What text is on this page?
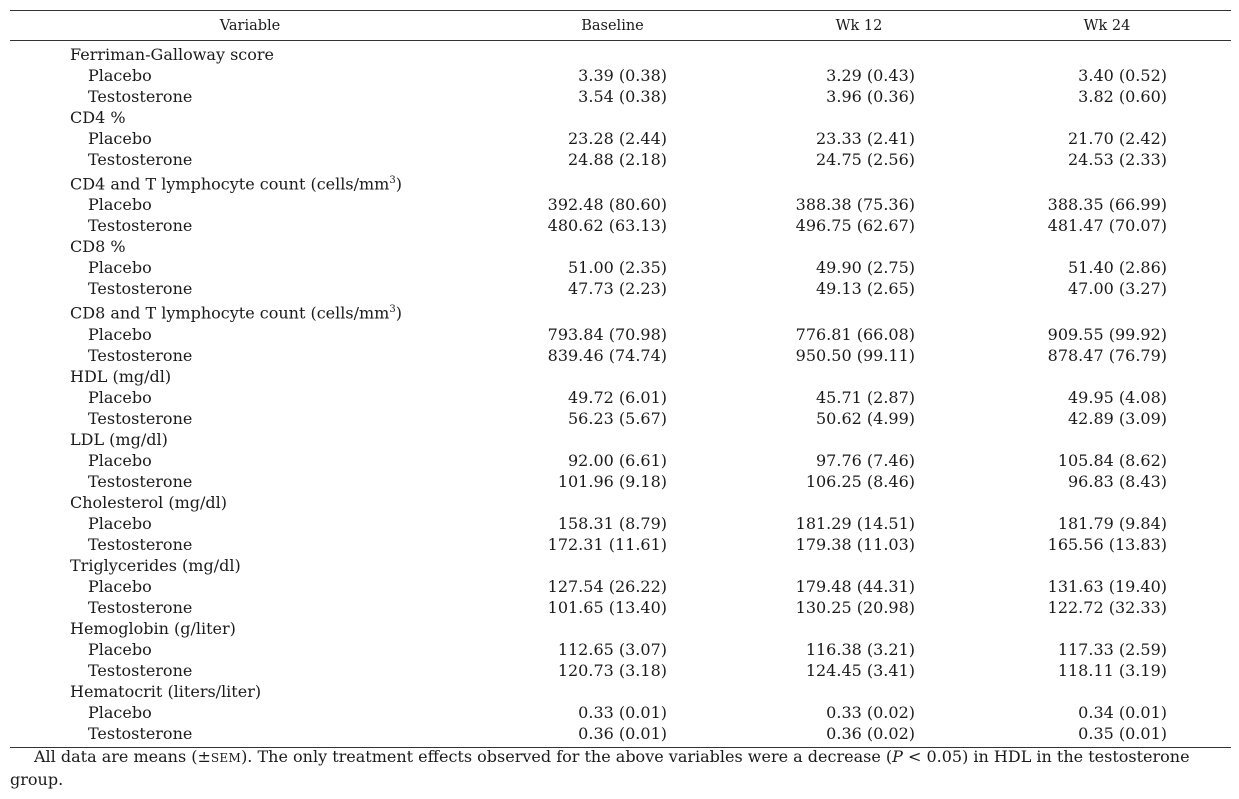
Variable	Baseline	Wk 12	Wk 24
Ferriman-Galloway score			
Placebo	3.39 (0.38)	3.29 (0.43)	3.40 (0.52)
Testosterone	3.54 (0.38)	3.96 (0.36)	3.82 (0.60)
CD4 %			
Placebo	23.28 (2.44)	23.33 (2.41)	21.70 (2.42)
Testosterone	24.88 (2.18)	24.75 (2.56)	24.53 (2.33)
CD4 and T lymphocyte count $(cells/mm^3)$			
Placebo	392.48 (80.60)	388.38 (75.36)	388.35 (66.99)
Testosterone	480.62 (63.13)	496.75 (62.67)	481.47 (70.07)
CD8 %			
Placebo	51.00 (2.35)	49.90 (2.75)	51.40 (2.86)
Testosterone	47.73 (2.23)	49.13 (2.65)	47.00 (3.27)
CD8 and T lymphocyte count $(cells/mm^3)$			
Placebo	793.84 (70.98)	776.81 (66.08)	909.55 (99.92)
Testosterone	839.46 (74.74)	950.50 (99.11)	878.47 (76.79)
HDL (mg/dl)			
Placebo	49.72 (6.01)	45.71 (2.87)	49.95 (4.08)
Testosterone	56.23 (5.67)	50.62 (4.99)	42.89 (3.09)
LDL (mg/dl)			
Placebo	92.00 (6.61)	97.76 (7.46)	105.84 (8.62)
Testosterone	101.96 (9.18)	106.25 (8.46)	96.83 (8.43)
Cholesterol (mg/dl)			
Placebo	158.31 (8.79)	181.29 (14.51)	181.79 (9.84)
Testosterone	172.31 (11.61)	179.38 (11.03)	165.56 (13.83)
Triglycerides (mg/dl)			
Placebo	127.54 (26.22)	179.48 (44.31)	131.63 (19.40)
Testosterone	101.65 (13.40)	130.25 (20.98)	122.72 (32.33)
Hemoglobin (g/liter)			
Placebo	112.65 (3.07)	116.38 (3.21)	117.33 (2.59)
Testosterone	120.73 (3.18)	124.45 (3.41)	118.11 (3.19)
Hematocrit (liters/liter)			
Placebo	0.33 (0.01)	0.33 (0.02)	0.34 (0.01)
Testosterone	0.36 (0.01)	0.36 (0.02)	0.35 (0.01)
All data are means (±SEM). The only treatment effects observed for the above variables were a decrease (P < 0.05) in HDL in the testosterone group.
